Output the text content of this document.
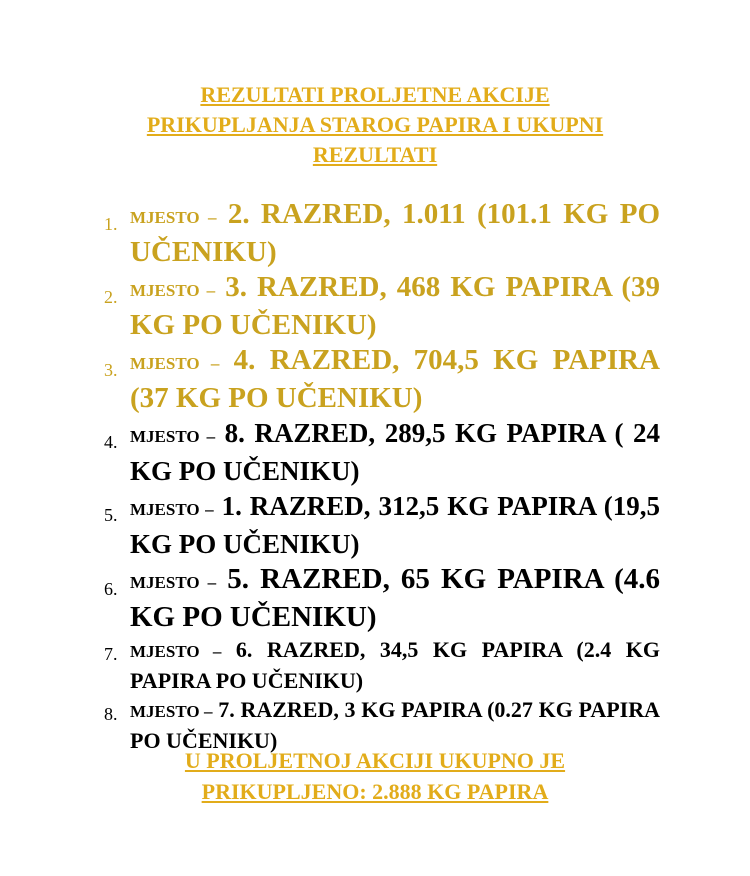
REZULTATI PROLJETNE AKCIJE
PRIKUPLJANJA STAROG PAPIRA I UKUPNI
REZULTATI
1. MJESTO – 2. RAZRED, 1.011 (101.1 KG PO UČENIKU)
2. MJESTO – 3. RAZRED, 468 KG PAPIRA (39 KG PO UČENIKU)
3. MJESTO – 4. RAZRED, 704,5 KG PAPIRA (37 KG PO UČENIKU)
4. MJESTO – 8. RAZRED, 289,5 KG PAPIRA ( 24 KG PO UČENIKU)
5. MJESTO – 1. RAZRED, 312,5 KG PAPIRA (19,5 KG PO UČENIKU)
6. MJESTO – 5. RAZRED, 65 KG PAPIRA (4.6 KG PO UČENIKU)
7. MJESTO – 6. RAZRED, 34,5 KG PAPIRA (2.4 KG PAPIRA PO UČENIKU)
8. MJESTO – 7. RAZRED, 3 KG PAPIRA (0.27 KG PAPIRA PO UČENIKU)
U PROLJETNOJ AKCIJI UKUPNO JE
PRIKUPLJENO: 2.888 KG PAPIRA
